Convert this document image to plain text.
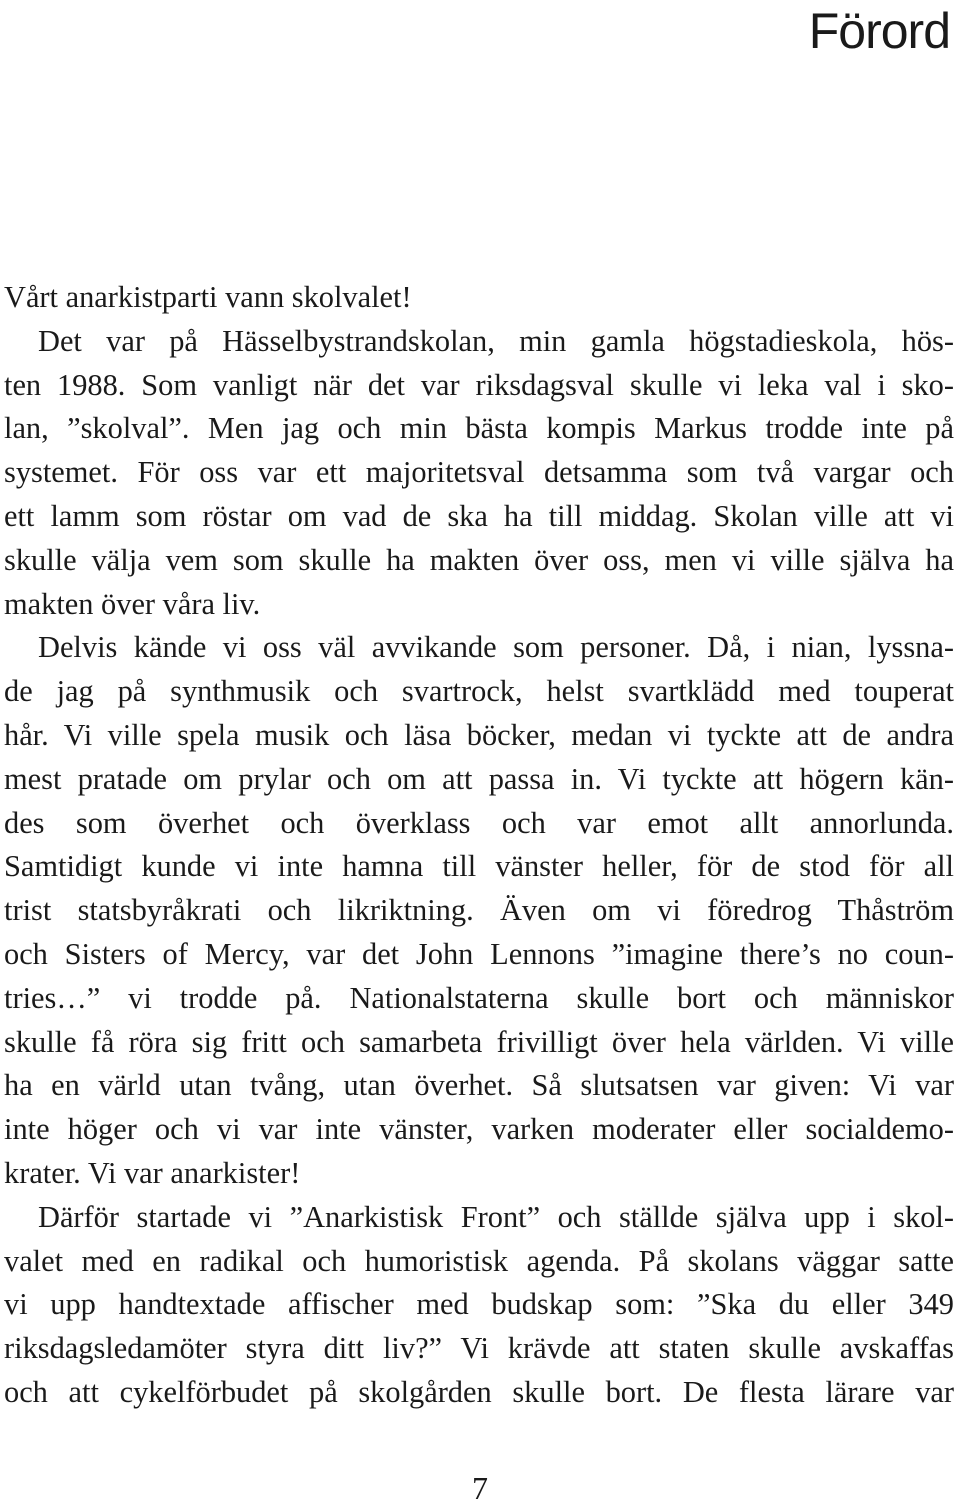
Förord
Vårt anarkistparti vann skolvalet!
Det var på Hässelbystrandskolan, min gamla högstadieskola, hös-
ten 1988. Som vanligt när det var riksdagsval skulle vi leka val i sko-
lan, ”skolval”. Men jag och min bästa kompis Markus trodde inte på
systemet. För oss var ett majoritetsval detsamma som två vargar och
ett lamm som röstar om vad de ska ha till middag. Skolan ville att vi
skulle välja vem som skulle ha makten över oss, men vi ville själva ha
makten över våra liv.
Delvis kände vi oss väl avvikande som personer. Då, i nian, lyssna-
de jag på synthmusik och svartrock, helst svartklädd med touperat
hår. Vi ville spela musik och läsa böcker, medan vi tyckte att de andra
mest pratade om prylar och om att passa in. Vi tyckte att högern kän-
des som överhet och överklass och var emot allt annorlunda.
Samtidigt kunde vi inte hamna till vänster heller, för de stod för all
trist statsbyråkrati och likriktning. Även om vi föredrog Thåström
och Sisters of Mercy, var det John Lennons ”imagine there’s no coun-
tries…” vi trodde på. Nationalstaterna skulle bort och människor
skulle få röra sig fritt och samarbeta frivilligt över hela världen. Vi ville
ha en värld utan tvång, utan överhet. Så slutsatsen var given: Vi var
inte höger och vi var inte vänster, varken moderater eller socialdemo-
krater. Vi var anarkister!
Därför startade vi ”Anarkistisk Front” och ställde själva upp i skol-
valet med en radikal och humoristisk agenda. På skolans väggar satte
vi upp handtextade affischer med budskap som: ”Ska du eller 349
riksdagsledamöter styra ditt liv?” Vi krävde att staten skulle avskaffas
och att cykelförbudet på skolgården skulle bort. De flesta lärare var
7
